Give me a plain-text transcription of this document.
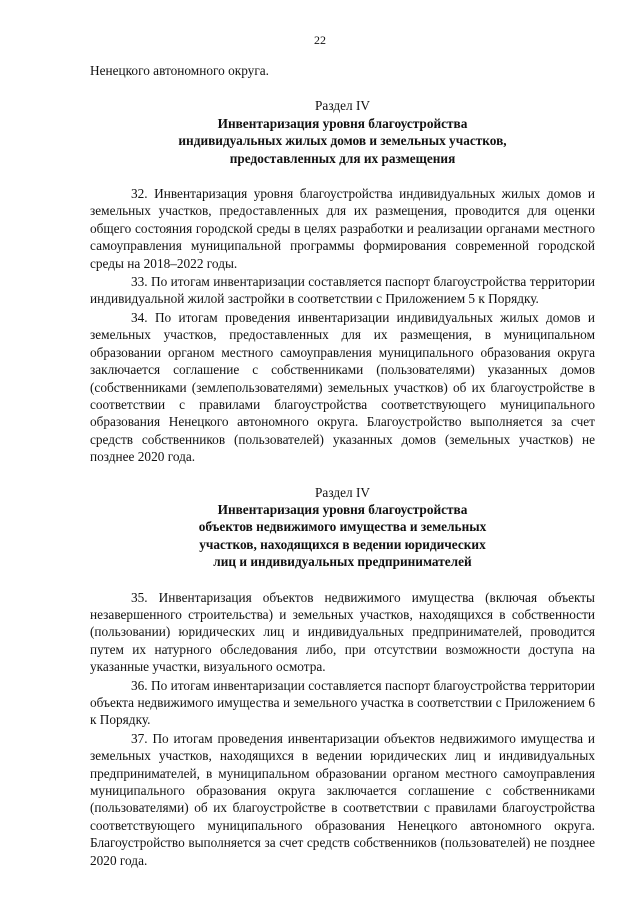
22

Ненецкого автономного округа.

Раздел IV

Инвентаризация уровня благоустройства

индивидуальных жилых домов и земельных участков,

предоставленных для их размещения

32. Инвентаризация уровня благоустройства индивидуальных жилых домов и земельных участков, предоставленных для их размещения, проводится для оценки общего состояния городской среды в целях разработки и реализации органами местного самоуправления муниципальной программы формирования современной городской среды на 2018–2022 годы.

33. По итогам инвентаризации составляется паспорт благоустройства территории индивидуальной жилой застройки в соответствии с Приложением 5 к Порядку.

34. По итогам проведения инвентаризации индивидуальных жилых домов и земельных участков, предоставленных для их размещения, в муниципальном образовании органом местного самоуправления муниципального образования округа заключается соглашение с собственниками (пользователями) указанных домов (собственниками (землепользователями) земельных участков) об их благоустройстве в соответствии с правилами благоустройства соответствующего муниципального образования Ненецкого автономного округа. Благоустройство выполняется за счет средств собственников (пользователей) указанных домов (земельных участков) не позднее 2020 года.

Раздел IV

Инвентаризация уровня благоустройства

объектов недвижимого имущества и земельных

участков, находящихся в ведении юридических

лиц и индивидуальных предпринимателей

35. Инвентаризация объектов недвижимого имущества (включая объекты незавершенного строительства) и земельных участков, находящихся в собственности (пользовании) юридических лиц и индивидуальных предпринимателей, проводится путем их натурного обследования либо, при отсутствии возможности доступа на указанные участки, визуального осмотра.

36. По итогам инвентаризации составляется паспорт благоустройства территории объекта недвижимого имущества и земельного участка в соответствии с Приложением 6 к Порядку.

37. По итогам проведения инвентаризации объектов недвижимого имущества и земельных участков, находящихся в ведении юридических лиц и индивидуальных предпринимателей, в муниципальном образовании органом местного самоуправления муниципального образования округа заключается соглашение с собственниками (пользователями) об их благоустройстве в соответствии с правилами благоустройства соответствующего муниципального образования Ненецкого автономного округа. Благоустройство выполняется за счет средств собственников (пользователей) не позднее 2020 года.
